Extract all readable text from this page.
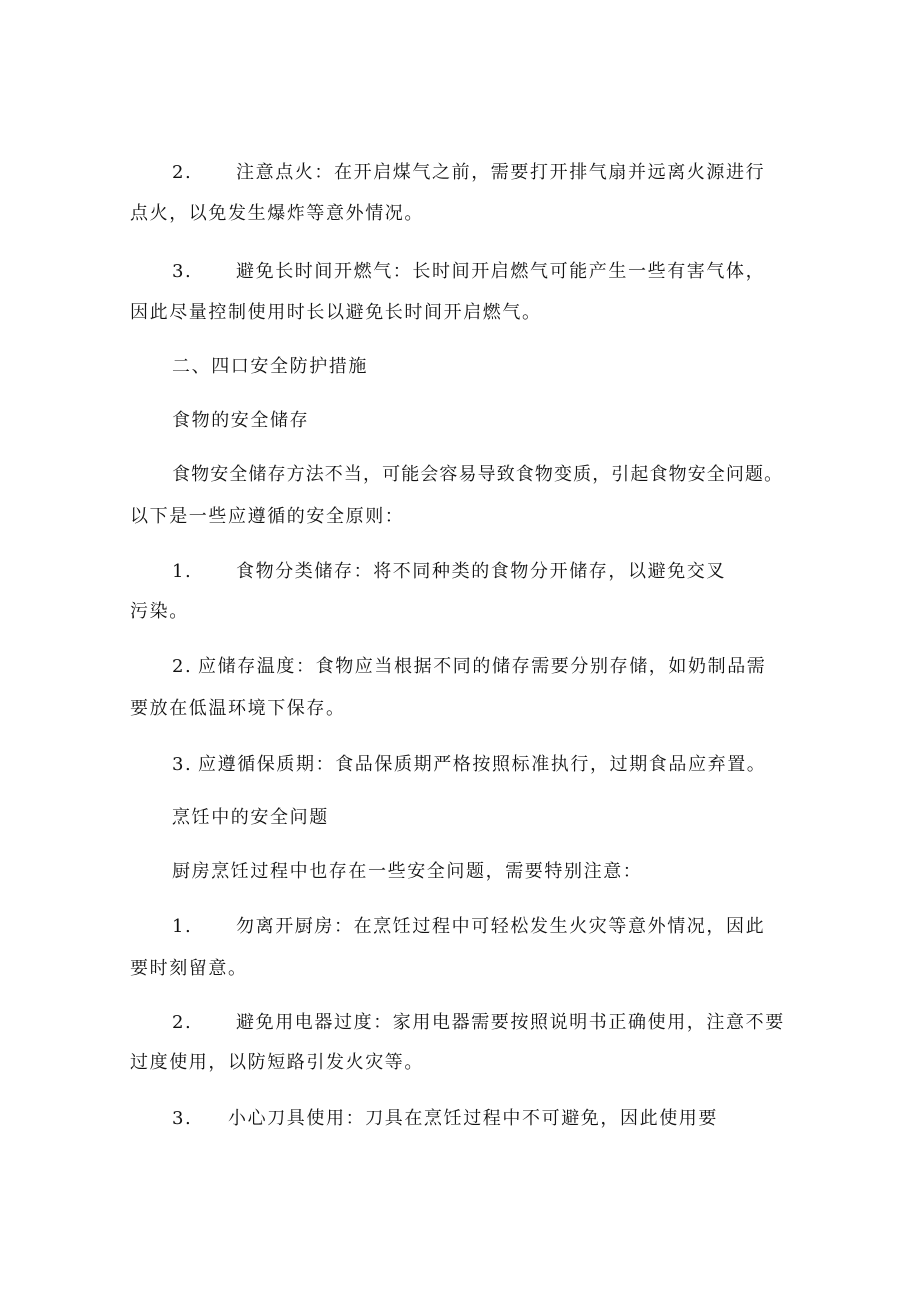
2. 注意点火：在开启煤气之前，需要打开排气扇并远离火源进行
点火，以免发生爆炸等意外情况。
3. 避免长时间开燃气：长时间开启燃气可能产生一些有害气体，
因此尽量控制使用时长以避免长时间开启燃气。
二、四口安全防护措施
食物的安全储存
食物安全储存方法不当，可能会容易导致食物变质，引起食物安全问题。
以下是一些应遵循的安全原则：
1. 食物分类储存：将不同种类的食物分开储存，以避免交叉
污染。
2. 应储存温度：食物应当根据不同的储存需要分别存储，如奶制品需
要放在低温环境下保存。
3. 应遵循保质期：食品保质期严格按照标准执行，过期食品应弃置。
烹饪中的安全问题
厨房烹饪过程中也存在一些安全问题，需要特别注意：
1. 勿离开厨房：在烹饪过程中可轻松发生火灾等意外情况，因此
要时刻留意。
2. 避免用电器过度：家用电器需要按照说明书正确使用，注意不要
过度使用，以防短路引发火灾等。
3. 小心刀具使用：刀具在烹饪过程中不可避免，因此使用要
